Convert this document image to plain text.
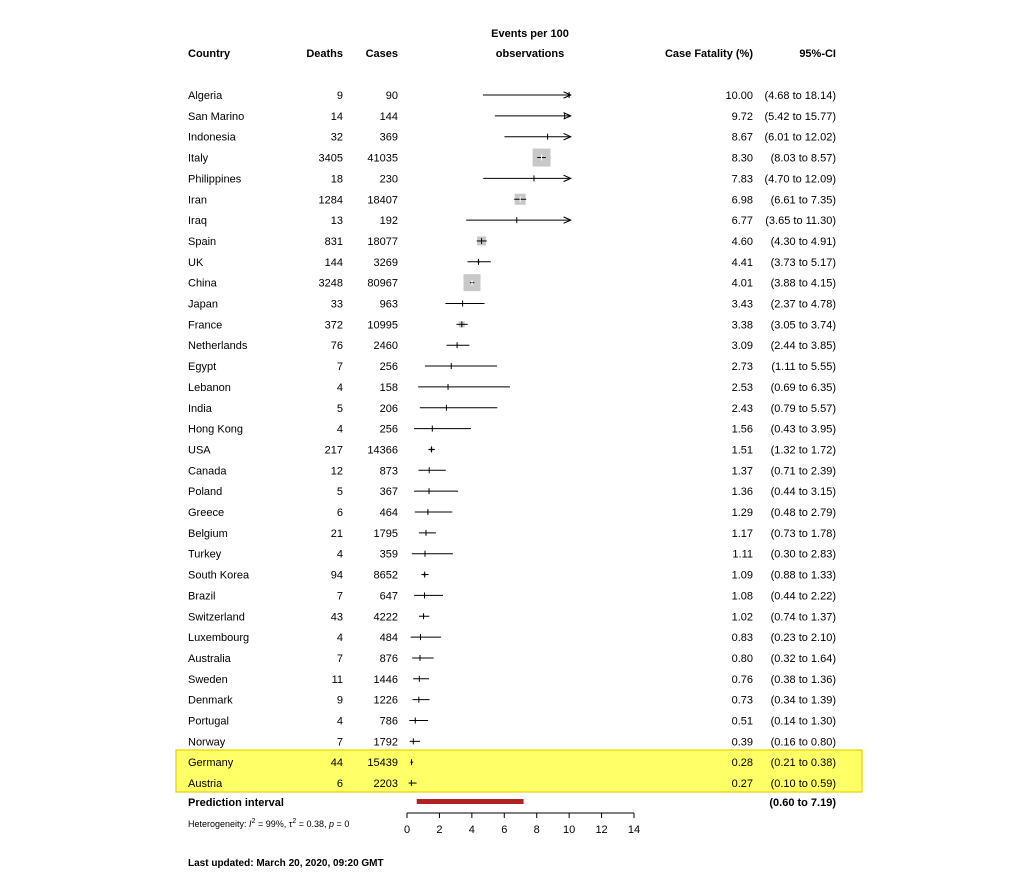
Country	Deaths Cases
Events per 100
observations	Case Fatality (%)	95%-CI
Algeria	9	90	10.00 (4.68 to 18.14)
San Marino	14	144	9.72 (5.42 to 15.77)
Indonesia	32	369	8.67 (6.01 to 12.02)
Italy	3405 41035	8.30 (8.03 to 8.57)
Philippines	18	230	7.83 (4.70 to 12.09)
Iran	1284 18407	6.98 (6.61 to 7.35)
Iraq	13	192	6.77 (3.65 to 11.30)
Spain	831 18077	4.60 (4.30 to 4.91)
UK	144	3269	4.41 (3.73 to 5.17)
China	3248 80967	4.01 (3.88 to 4.15)
Japan	33	963	3.43 (2.37 to 4.78)
France	372 10995	3.38 (3.05 to 3.74)
Netherlands	76	2460	3.09 (2.44 to 3.85)
Egypt	7	256	2.73 (1.11 to 5.55)
Lebanon	4	158	2.53 (0.69 to 6.35)
India	5	206	2.43 (0.79 to 5.57)
Hong Kong	4	256	1.56 (0.43 to 3.95)
USA	217 14366	1.51 (1.32 to 1.72)
Canada	12	873	1.37 (0.71 to 2.39)
Poland	5	367	1.36 (0.44 to 3.15)
Greece	6	464	1.29 (0.48 to 2.79)
Belgium	21	1795	1.17 (0.73 to 1.78)
Turkey	4	359	1.11 (0.30 to 2.83)
South Korea	94	8652	1.09 (0.88 to 1.33)
Brazil	7	647	1.08 (0.44 to 2.22)
Switzerland	43	4222	1.02 (0.74 to 1.37)
Luxembourg	4	484	0.83 (0.23 to 2.10)
Australia	7	876	0.80 (0.32 to 1.64)
Sweden	11	1446	0.76 (0.38 to 1.36)
Denmark	9	1226	0.73 (0.34 to 1.39)
Portugal	4	786	0.51 (0.14 to 1.30)
Norway	7	1792	0.39 (0.16 to 0.80)
Germany	44 15439	0.28 (0.21 to 0.38)
Austria	6	2203	0.27 (0.10 to 0.59)
Prediction interval	(0.60 to 7.19)
Heterogeneity: $I^2 = 99\%$, $\tau^2 = 0.38$, p = 0	0 2 4 6 8 10 12 14
Last updated: March 20, 2020, 09:20 GMT
